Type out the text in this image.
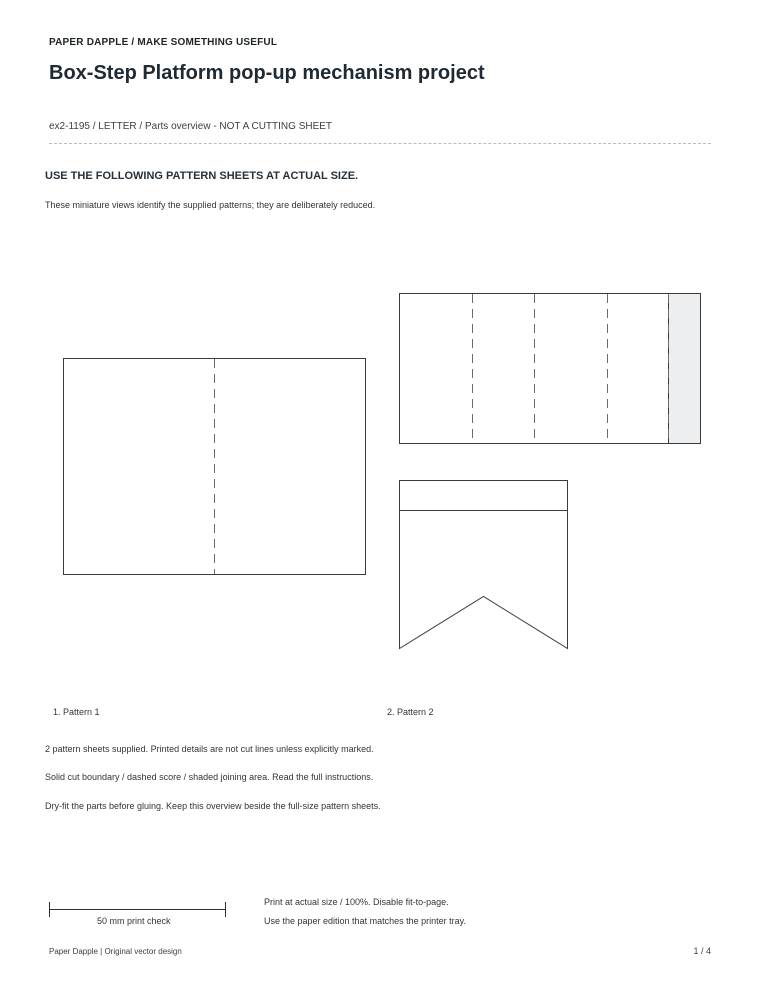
PAPER DAPPLE / MAKE SOMETHING USEFUL
Box-Step Platform pop-up mechanism project
ex2-1195 / LETTER / Parts overview - NOT A CUTTING SHEET
USE THE FOLLOWING PATTERN SHEETS AT ACTUAL SIZE.
These miniature views identify the supplied patterns; they are deliberately reduced.
1. Pattern 1	2. Pattern 2
2 pattern sheets supplied. Printed details are not cut lines unless explicitly marked.
Solid cut boundary / dashed score / shaded joining area. Read the full instructions.
Dry-fit the parts before gluing. Keep this overview beside the full-size pattern sheets.
50 mm print check
Print at actual size / 100%. Disable fit-to-page.
Use the paper edition that matches the printer tray.
Paper Dapple | Original vector design	1 / 4
